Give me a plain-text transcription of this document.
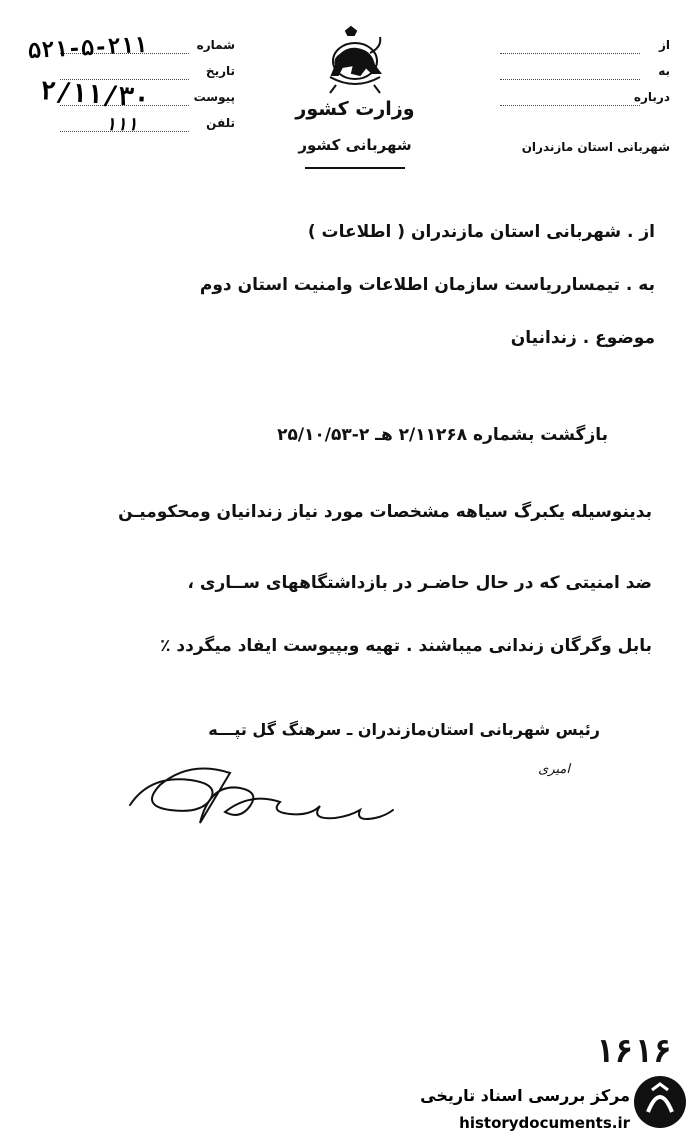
شماره
تاریخ
پیوست
تلفن
۵۲۱-۵-۲۱۱
۲/۱۱/۳۰
۱۱۱
وزارت کشور
شهربانی کشور
از
به
درباره
شهربانی استان مازندران
از . شهربانی استان مازندران ( اطلاعات )
به . تیمساررياست سازمان اطلاعات وامنیت استان دوم
موضوع . زندانیان
بازگشت بشماره ۲/۱۱۲۶۸ هـ ۲-۲۵/۱۰/۵۳
بدینوسیله یکبرگ سیاهه مشخصات مورد نیاز زندانیان ومحکومیـن
ضد امنیتی که در حال حاضـر در بازداشتگاههای ســاری ،
بابل وگرگان زندانی میباشند . تهیه وبپیوست ایفاد میگردد ٪
رئیس شهربانی استان‌مازندران ـ سرهنگ گل تپـــه
امیری
۱۶۱۶
مرکز بررسی اسناد تاریخی
historydocuments.ir
